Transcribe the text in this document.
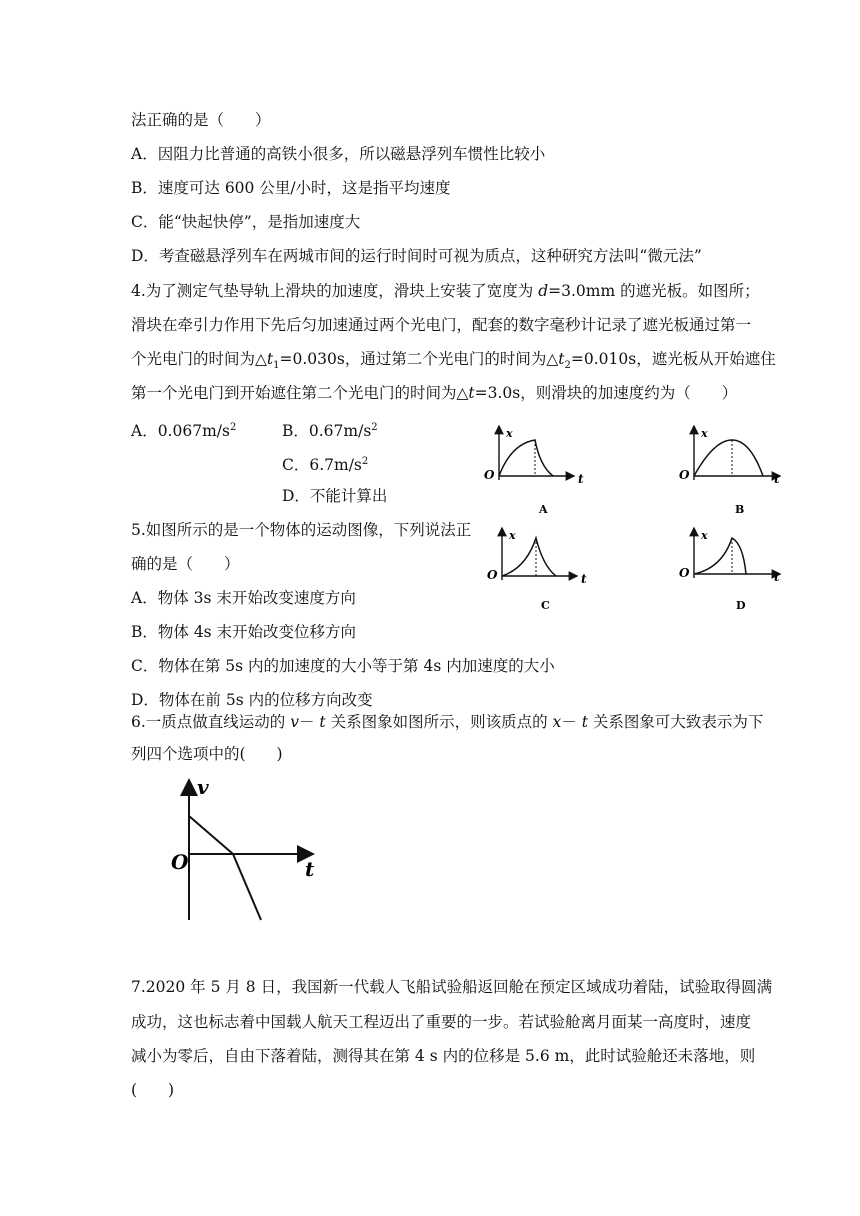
法正确的是（　　）
A．因阻力比普通的高铁小很多，所以磁悬浮列车惯性比较小
B．速度可达 600 公里/小时，这是指平均速度
C．能“快起快停”，是指加速度大
D．考查磁悬浮列车在两城市间的运行时间时可视为质点，这种研究方法叫“微元法”
4.为了测定气垫导轨上滑块的加速度，滑块上安装了宽度为 d=3.0mm 的遮光板。如图所；
滑块在牵引力作用下先后匀加速通过两个光电门，配套的数字毫秒计记录了遮光板通过第一
个光电门的时间为$\triangle t_1=0.030s$，通过第二个光电门的时间为$\triangle t_2=0.010s$，遮光板从开始遮住
第一个光电门到开始遮住第二个光电门的时间为△t=3.0s，则滑块的加速度约为（　　）
A．$0.067m/s^2$	B．$0.67m/s^2$
C．$6.7m/s^2$
D．不能计算出
5.如图所示的是一个物体的运动图像，下列说法正
确的是（　　）
A．物体 3s 末开始改变速度方向
B．物体 4s 末开始改变位移方向
C．物体在第 5s 内的加速度的大小等于第 4s 内加速度的大小
D．物体在前 5s 内的位移方向改变
x
O	t
A
x
O	t
B
x
O	t
C
x
O	t
D
6.一质点做直线运动的 v－ t 关系图象如图所示，则该质点的 x－ t 关系图象可大致表示为下
列四个选项中的(　　)
v
O	t
7.2020 年 5 月 8 日，我国新一代载人飞船试验船返回舱在预定区域成功着陆，试验取得圆满
成功，这也标志着中国载人航天工程迈出了重要的一步。若试验舱离月面某一高度时，速度
减小为零后，自由下落着陆，测得其在第 4 s 内的位移是 5.6 m，此时试验舱还未落地，则
(　　)
